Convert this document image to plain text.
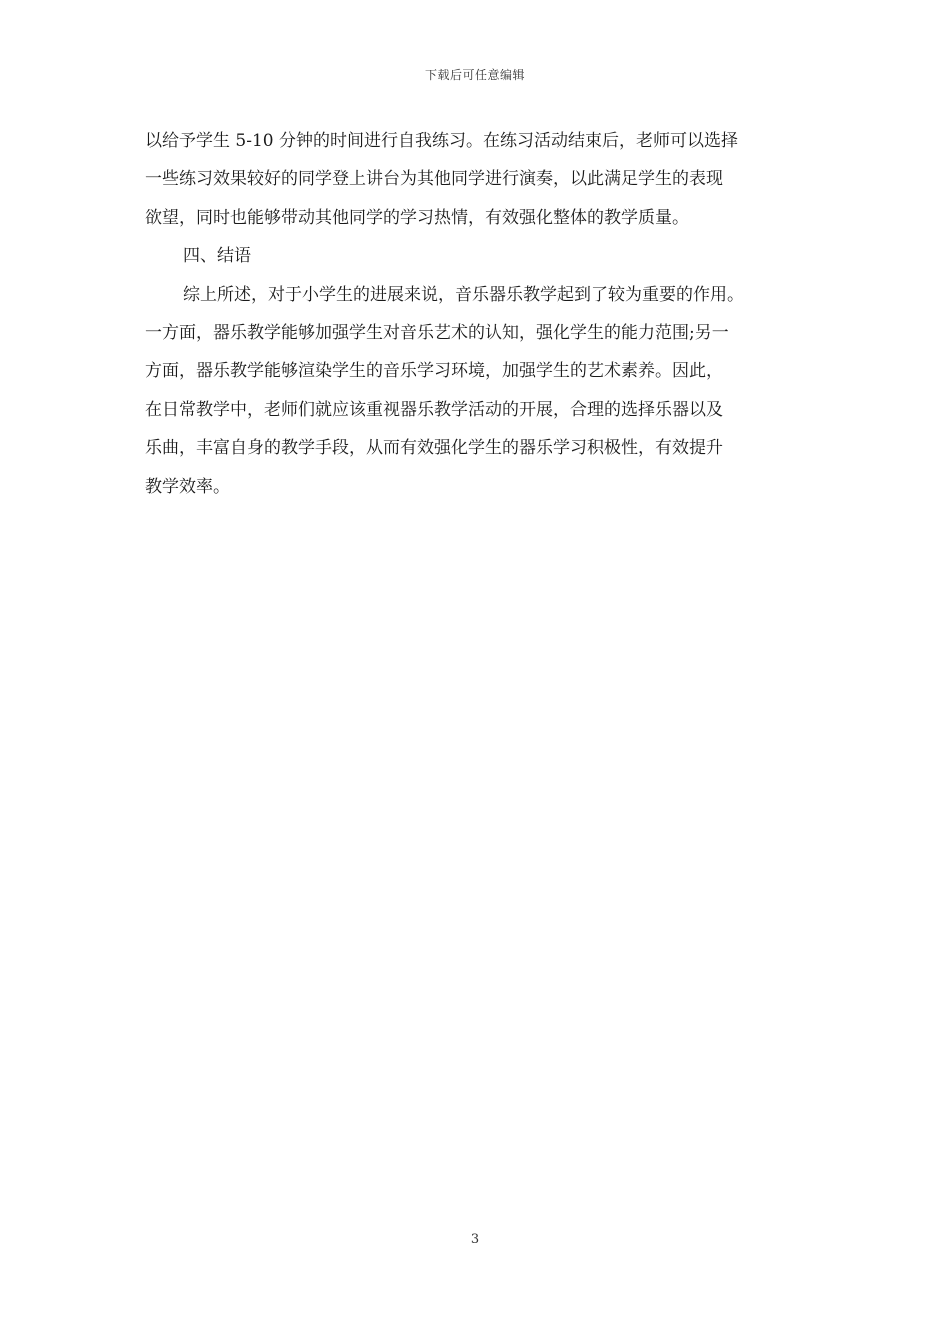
下载后可任意编辑
以给予学生 5-10 分钟的时间进行自我练习。在练习活动结束后，老师可以选择
一些练习效果较好的同学登上讲台为其他同学进行演奏，以此满足学生的表现
欲望，同时也能够带动其他同学的学习热情，有效强化整体的教学质量。
四、结语
综上所述，对于小学生的进展来说，音乐器乐教学起到了较为重要的作用。
一方面，器乐教学能够加强学生对音乐艺术的认知，强化学生的能力范围;另一
方面，器乐教学能够渲染学生的音乐学习环境，加强学生的艺术素养。因此，
在日常教学中，老师们就应该重视器乐教学活动的开展，合理的选择乐器以及
乐曲，丰富自身的教学手段，从而有效强化学生的器乐学习积极性，有效提升
教学效率。
3
